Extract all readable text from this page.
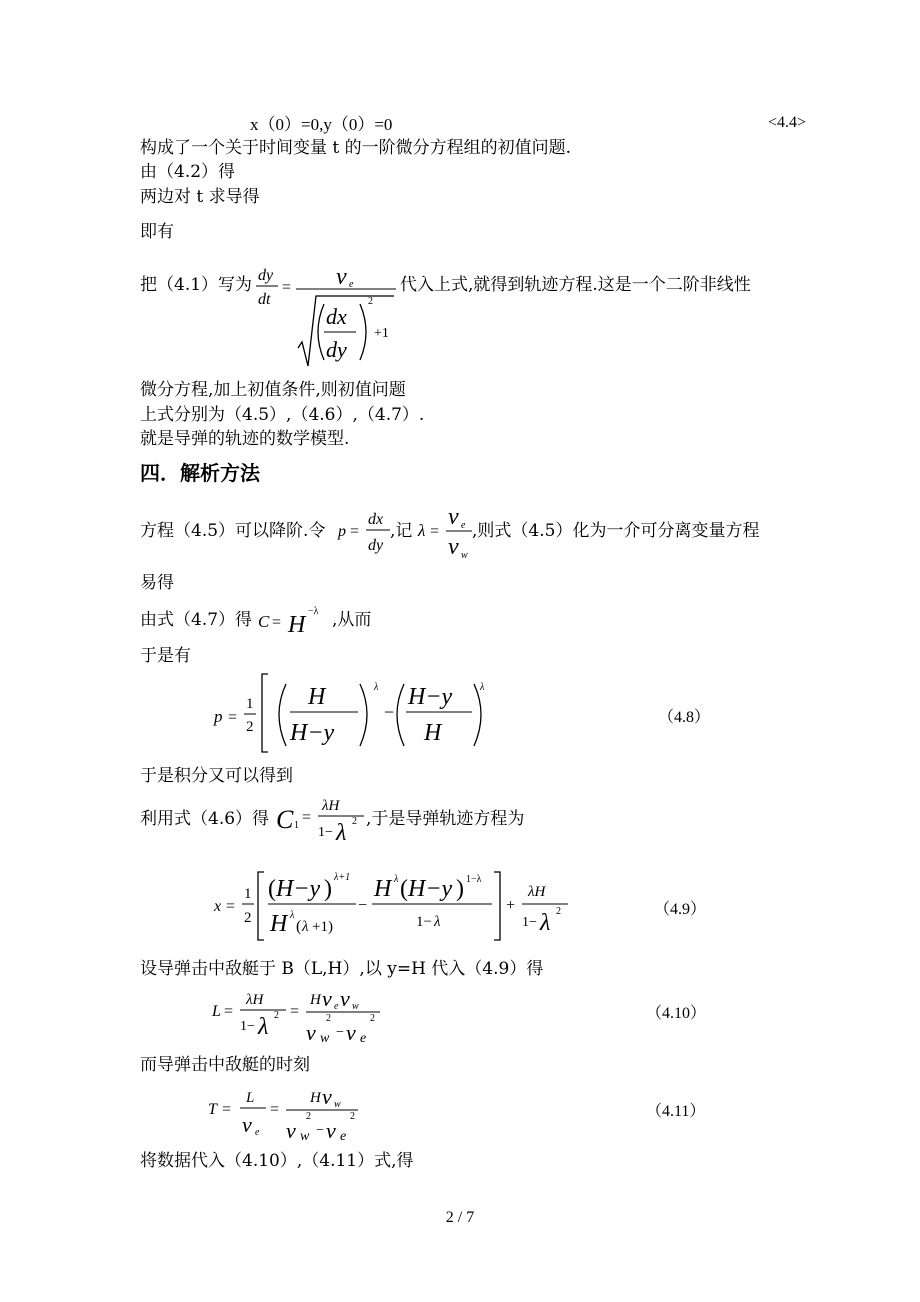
x（0）=0,y（0）=0	<4.4>
构成了一个关于时间变量 t 的一阶微分方程组的初值问题.
由（4.2）得
两边对 t 求导得
即有
把（4.1）写为 dy
dt
= v e
dx
dy
2
+1
代入上式,就得到轨迹方程.这是一个二阶非线性
微分方程,加上初值条件,则初值问题
上式分别为（4.5）,（4.6）,（4.7）.
就是导弹的轨迹的数学模型.
四．解析方法
方程（4.5）可以降阶.令 p =
dx
dy
,记 λ =
v e
v w
,则式（4.5）化为一介可分离变量方程
易得
由式（4.7）得 C = H
−λ ,从而
于是有
p =
1
2
H
H−y
λ
−
H−y
H
λ
（4.8）
于是积分又可以得到
利用式（4.6）得 C 1 =
λH
1− λ 2 ,于是导弹轨迹方程为
x =
1
2
( H−y ) λ+1
H λ
( λ +1)
−
H λ ( H−y ) 1−λ
1− λ
+
λH
1− λ 2	（4.9）
设导弹击中敌艇于 B（L,H）,以 y=H 代入（4.9）得
L =
λH
1− λ 2 =
H v e v w
2	2
v w − v e
（4.10）
而导弹击中敌艇的时刻
T =
L
v e
=
H v w
2	2
v w − v e
（4.11）
将数据代入（4.10）,（4.11）式,得
2 / 7
